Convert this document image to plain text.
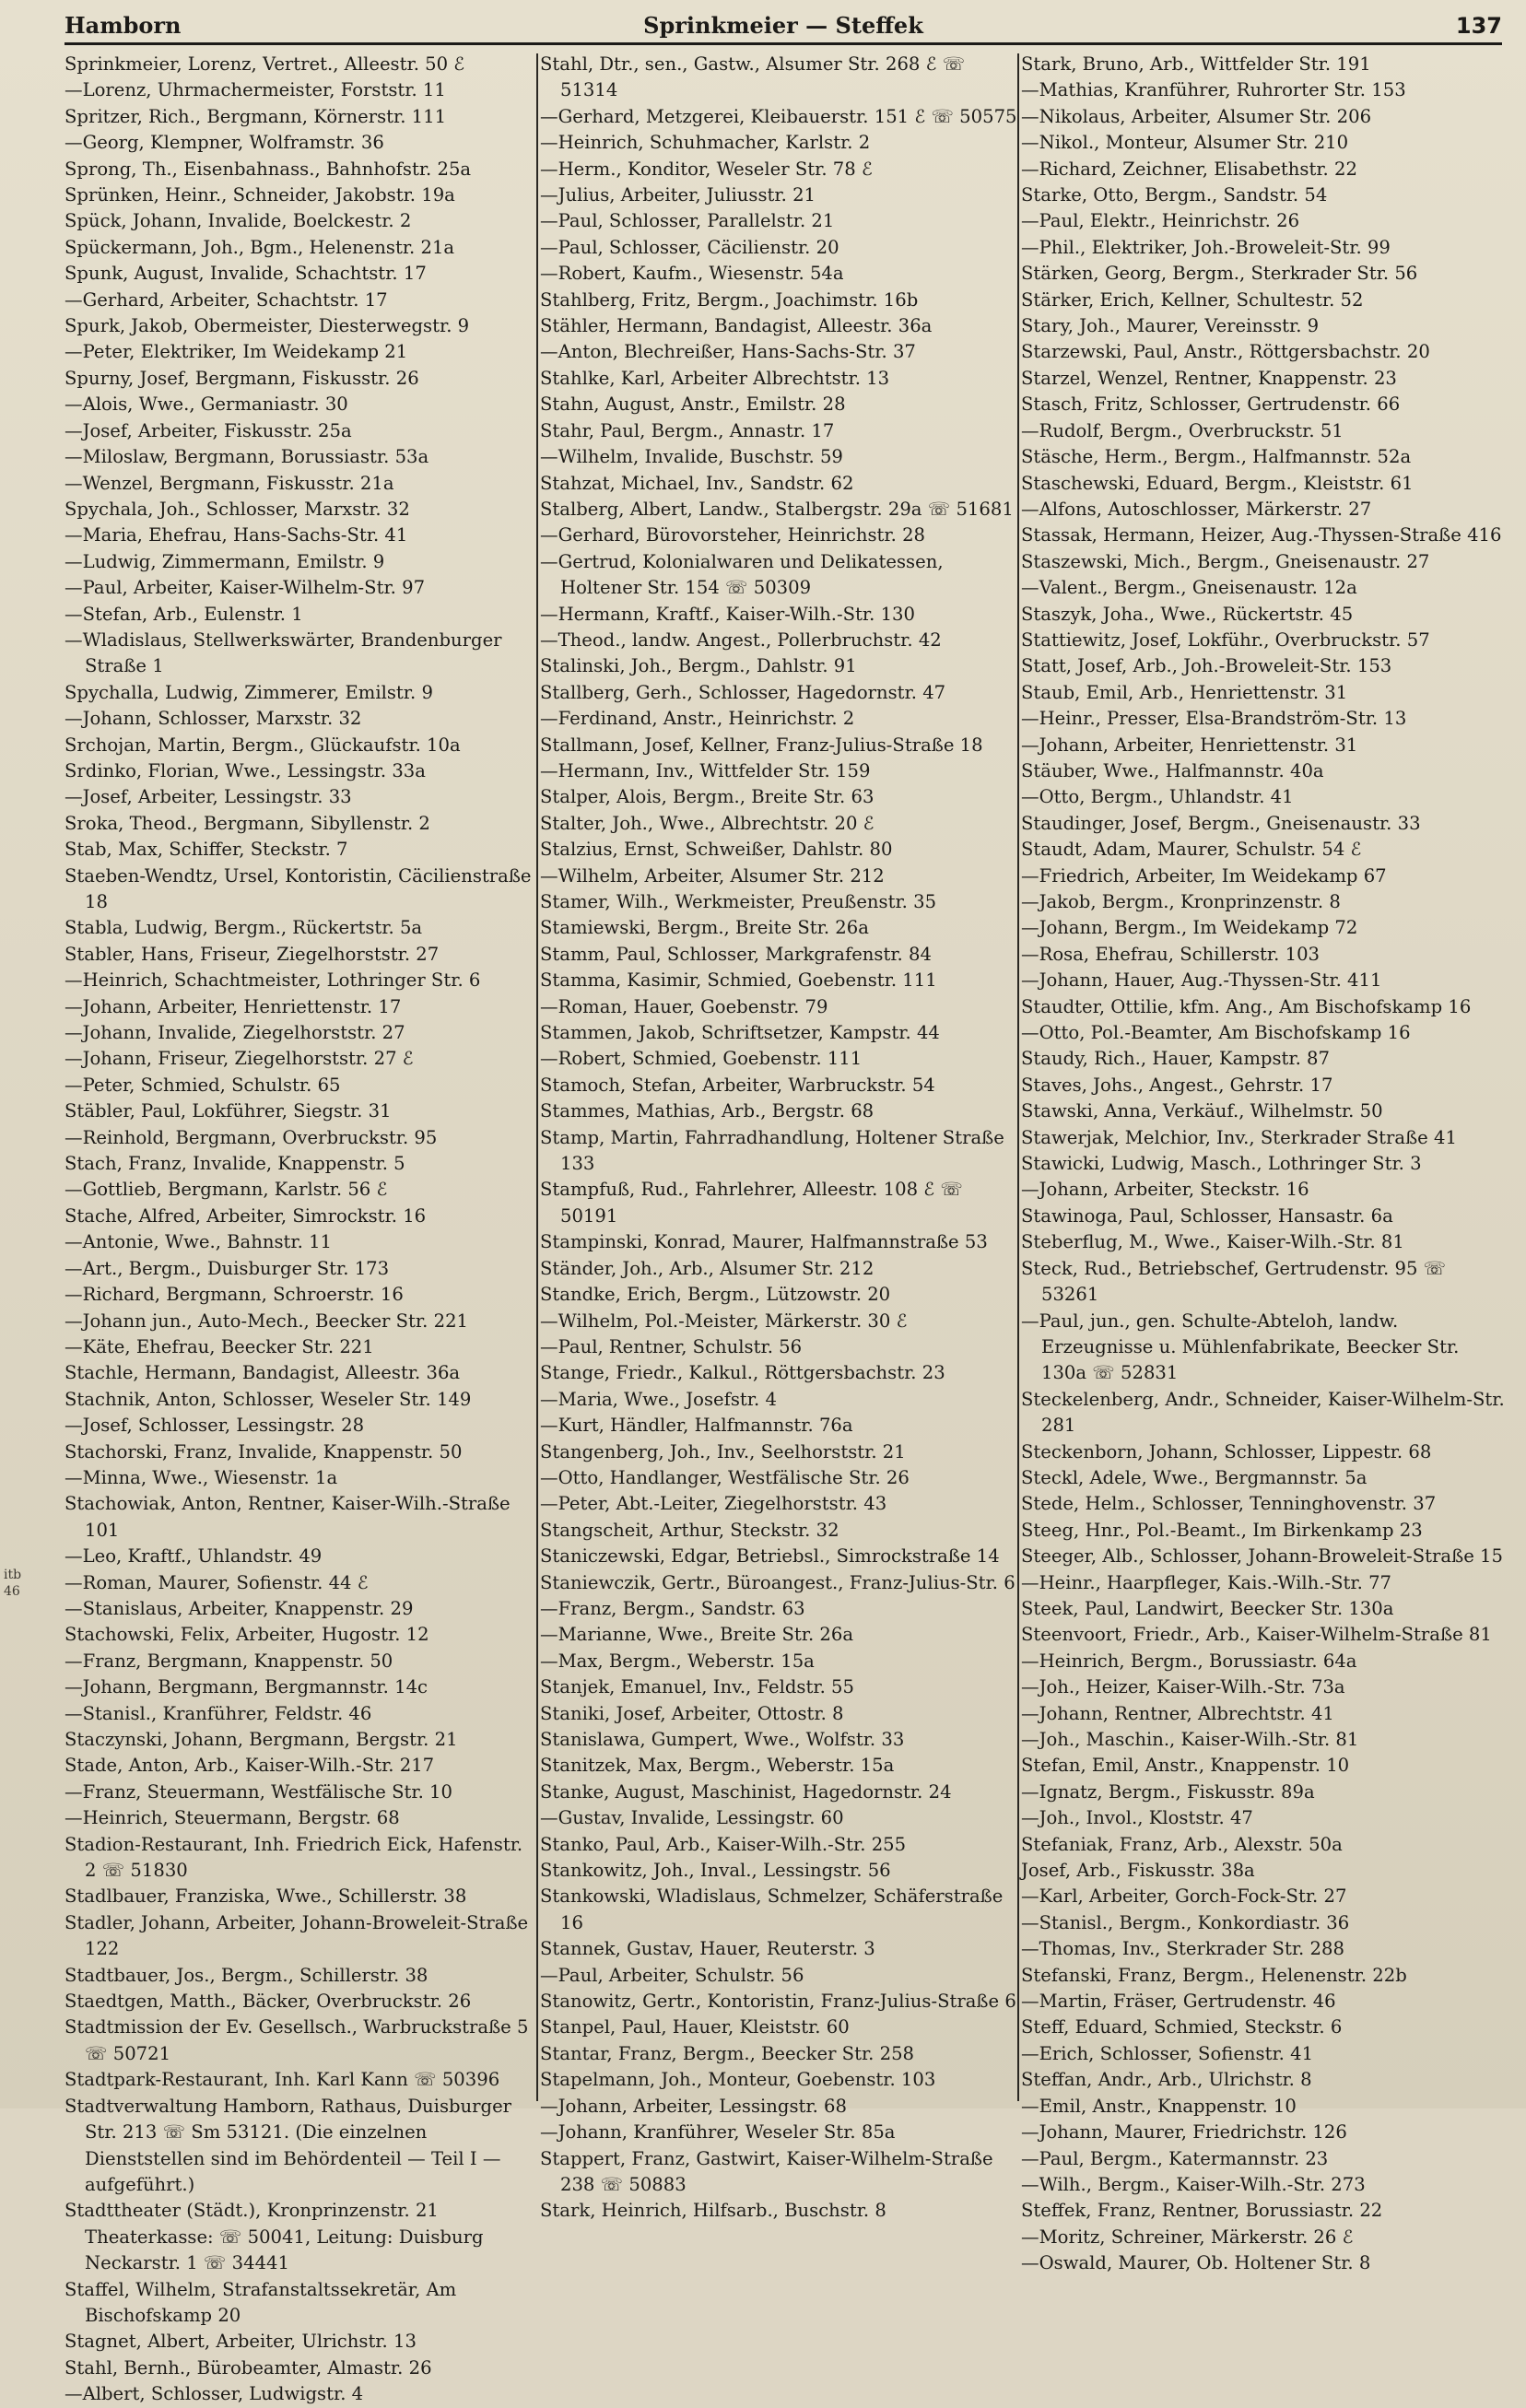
Hamborn	Sprinkmeier — Steffek	137

Sprinkmeier, Lorenz, Vertret., Alleestr. 50 ℰ

—Lorenz, Uhrmachermeister, Forststr. 11

Spritzer, Rich., Bergmann, Körnerstr. 111

—Georg, Klempner, Wolframstr. 36

Sprong, Th., Eisenbahnass., Bahnhofstr. 25a

Sprünken, Heinr., Schneider, Jakobstr. 19a

Spück, Johann, Invalide, Boelckestr. 2

Spückermann, Joh., Bgm., Helenenstr. 21a

Spunk, August, Invalide, Schachtstr. 17

—Gerhard, Arbeiter, Schachtstr. 17

Spurk, Jakob, Obermeister, Diesterwegstr. 9

—Peter, Elektriker, Im Weidekamp 21

Spurny, Josef, Bergmann, Fiskusstr. 26

—Alois, Wwe., Germaniastr. 30

—Josef, Arbeiter, Fiskusstr. 25a

—Miloslaw, Bergmann, Borussiastr. 53a

—Wenzel, Bergmann, Fiskusstr. 21a

Spychala, Joh., Schlosser, Marxstr. 32

—Maria, Ehefrau, Hans-Sachs-Str. 41

—Ludwig, Zimmermann, Emilstr. 9

—Paul, Arbeiter, Kaiser-Wilhelm-Str. 97

—Stefan, Arb., Eulenstr. 1

—Wladislaus, Stellwerkswärter, Brandenburger Straße 1

Spychalla, Ludwig, Zimmerer, Emilstr. 9

—Johann, Schlosser, Marxstr. 32

Srchojan, Martin, Bergm., Glückaufstr. 10a

Srdinko, Florian, Wwe., Lessingstr. 33a

—Josef, Arbeiter, Lessingstr. 33

Sroka, Theod., Bergmann, Sibyllenstr. 2

Stab, Max, Schiffer, Steckstr. 7

Staeben-Wendtz, Ursel, Kontoristin, Cäcilienstraße 18

Stabla, Ludwig, Bergm., Rückertstr. 5a

Stabler, Hans, Friseur, Ziegelhorststr. 27

—Heinrich, Schachtmeister, Lothringer Str. 6

—Johann, Arbeiter, Henriettenstr. 17

—Johann, Invalide, Ziegelhorststr. 27

—Johann, Friseur, Ziegelhorststr. 27 ℰ

—Peter, Schmied, Schulstr. 65

Stäbler, Paul, Lokführer, Siegstr. 31

—Reinhold, Bergmann, Overbruckstr. 95

Stach, Franz, Invalide, Knappenstr. 5

—Gottlieb, Bergmann, Karlstr. 56 ℰ

Stache, Alfred, Arbeiter, Simrockstr. 16

—Antonie, Wwe., Bahnstr. 11

—Art., Bergm., Duisburger Str. 173

—Richard, Bergmann, Schroerstr. 16

—Johann jun., Auto-Mech., Beecker Str. 221

—Käte, Ehefrau, Beecker Str. 221

Stachle, Hermann, Bandagist, Alleestr. 36a

Stachnik, Anton, Schlosser, Weseler Str. 149

—Josef, Schlosser, Lessingstr. 28

Stachorski, Franz, Invalide, Knappenstr. 50

—Minna, Wwe., Wiesenstr. 1a

Stachowiak, Anton, Rentner, Kaiser-Wilh.-Straße 101

—Leo, Kraftf., Uhlandstr. 49

—Roman, Maurer, Sofienstr. 44 ℰ

—Stanislaus, Arbeiter, Knappenstr. 29

Stachowski, Felix, Arbeiter, Hugostr. 12

—Franz, Bergmann, Knappenstr. 50

—Johann, Bergmann, Bergmannstr. 14c

—Stanisl., Kranführer, Feldstr. 46

Staczynski, Johann, Bergmann, Bergstr. 21

Stade, Anton, Arb., Kaiser-Wilh.-Str. 217

—Franz, Steuermann, Westfälische Str. 10

—Heinrich, Steuermann, Bergstr. 68

Stadion-Restaurant, Inh. Friedrich Eick, Hafenstr. 2 ☏ 51830

Stadlbauer, Franziska, Wwe., Schillerstr. 38

Stadler, Johann, Arbeiter, Johann-Broweleit-Straße 122

Stadtbauer, Jos., Bergm., Schillerstr. 38

Staedtgen, Matth., Bäcker, Overbruckstr. 26

Stadtmission der Ev. Gesellsch., Warbruckstraße 5 ☏ 50721

Stadtpark-Restaurant, Inh. Karl Kann ☏ 50396

Stadtverwaltung Hamborn, Rathaus, Duisburger Str. 213 ☏ Sm 53121. (Die einzelnen Dienststellen sind im Behördenteil — Teil I — aufgeführt.)

Stadttheater (Städt.), Kronprinzenstr. 21 Theaterkasse: ☏ 50041, Leitung: Duisburg Neckarstr. 1 ☏ 34441

Staffel, Wilhelm, Strafanstaltssekretär, Am Bischofskamp 20

Stagnet, Albert, Arbeiter, Ulrichstr. 13

Stahl, Bernh., Bürobeamter, Almastr. 26

—Albert, Schlosser, Ludwigstr. 4

Stahl, Dtr., sen., Gastw., Alsumer Str. 268 ℰ ☏ 51314

—Gerhard, Metzgerei, Kleibauerstr. 151 ℰ ☏ 50575

—Heinrich, Schuhmacher, Karlstr. 2

—Herm., Konditor, Weseler Str. 78 ℰ

—Julius, Arbeiter, Juliusstr. 21

—Paul, Schlosser, Parallelstr. 21

—Paul, Schlosser, Cäcilienstr. 20

—Robert, Kaufm., Wiesenstr. 54a

Stahlberg, Fritz, Bergm., Joachimstr. 16b

Stähler, Hermann, Bandagist, Alleestr. 36a

—Anton, Blechreißer, Hans-Sachs-Str. 37

Stahlke, Karl, Arbeiter Albrechtstr. 13

Stahn, August, Anstr., Emilstr. 28

Stahr, Paul, Bergm., Annastr. 17

—Wilhelm, Invalide, Buschstr. 59

Stahzat, Michael, Inv., Sandstr. 62

Stalberg, Albert, Landw., Stalbergstr. 29a ☏ 51681

—Gerhard, Bürovorsteher, Heinrichstr. 28

—Gertrud, Kolonialwaren und Delikatessen, Holtener Str. 154 ☏ 50309

—Hermann, Kraftf., Kaiser-Wilh.-Str. 130

—Theod., landw. Angest., Pollerbruchstr. 42

Stalinski, Joh., Bergm., Dahlstr. 91

Stallberg, Gerh., Schlosser, Hagedornstr. 47

—Ferdinand, Anstr., Heinrichstr. 2

Stallmann, Josef, Kellner, Franz-Julius-Straße 18

—Hermann, Inv., Wittfelder Str. 159

Stalper, Alois, Bergm., Breite Str. 63

Stalter, Joh., Wwe., Albrechtstr. 20 ℰ

Stalzius, Ernst, Schweißer, Dahlstr. 80

—Wilhelm, Arbeiter, Alsumer Str. 212

Stamer, Wilh., Werkmeister, Preußenstr. 35

Stamiewski, Bergm., Breite Str. 26a

Stamm, Paul, Schlosser, Markgrafenstr. 84

Stamma, Kasimir, Schmied, Goebenstr. 111

—Roman, Hauer, Goebenstr. 79

Stammen, Jakob, Schriftsetzer, Kampstr. 44

—Robert, Schmied, Goebenstr. 111

Stamoch, Stefan, Arbeiter, Warbruckstr. 54

Stammes, Mathias, Arb., Bergstr. 68

Stamp, Martin, Fahrradhandlung, Holtener Straße 133

Stampfuß, Rud., Fahrlehrer, Alleestr. 108 ℰ ☏ 50191

Stampinski, Konrad, Maurer, Halfmannstraße 53

Ständer, Joh., Arb., Alsumer Str. 212

Standke, Erich, Bergm., Lützowstr. 20

—Wilhelm, Pol.-Meister, Märkerstr. 30 ℰ

—Paul, Rentner, Schulstr. 56

Stange, Friedr., Kalkul., Röttgersbachstr. 23

—Maria, Wwe., Josefstr. 4

—Kurt, Händler, Halfmannstr. 76a

Stangenberg, Joh., Inv., Seelhorststr. 21

—Otto, Handlanger, Westfälische Str. 26

—Peter, Abt.-Leiter, Ziegelhorststr. 43

Stangscheit, Arthur, Steckstr. 32

Staniczewski, Edgar, Betriebsl., Simrockstraße 14

Staniewczik, Gertr., Büroangest., Franz-Julius-Str. 6

—Franz, Bergm., Sandstr. 63

—Marianne, Wwe., Breite Str. 26a

—Max, Bergm., Weberstr. 15a

Stanjek, Emanuel, Inv., Feldstr. 55

Staniki, Josef, Arbeiter, Ottostr. 8

Stanislawa, Gumpert, Wwe., Wolfstr. 33

Stanitzek, Max, Bergm., Weberstr. 15a

Stanke, August, Maschinist, Hagedornstr. 24

—Gustav, Invalide, Lessingstr. 60

Stanko, Paul, Arb., Kaiser-Wilh.-Str. 255

Stankowitz, Joh., Inval., Lessingstr. 56

Stankowski, Wladislaus, Schmelzer, Schäferstraße 16

Stannek, Gustav, Hauer, Reuterstr. 3

—Paul, Arbeiter, Schulstr. 56

Stanowitz, Gertr., Kontoristin, Franz-Julius-Straße 6

Stanpel, Paul, Hauer, Kleiststr. 60

Stantar, Franz, Bergm., Beecker Str. 258

Stapelmann, Joh., Monteur, Goebenstr. 103

—Johann, Arbeiter, Lessingstr. 68

—Johann, Kranführer, Weseler Str. 85a

Stappert, Franz, Gastwirt, Kaiser-Wilhelm-Straße 238 ☏ 50883

Stark, Heinrich, Hilfsarb., Buschstr. 8

Stark, Bruno, Arb., Wittfelder Str. 191

—Mathias, Kranführer, Ruhrorter Str. 153

—Nikolaus, Arbeiter, Alsumer Str. 206

—Nikol., Monteur, Alsumer Str. 210

—Richard, Zeichner, Elisabethstr. 22

Starke, Otto, Bergm., Sandstr. 54

—Paul, Elektr., Heinrichstr. 26

—Phil., Elektriker, Joh.-Broweleit-Str. 99

Stärken, Georg, Bergm., Sterkrader Str. 56

Stärker, Erich, Kellner, Schultestr. 52

Stary, Joh., Maurer, Vereinsstr. 9

Starzewski, Paul, Anstr., Röttgersbachstr. 20

Starzel, Wenzel, Rentner, Knappenstr. 23

Stasch, Fritz, Schlosser, Gertrudenstr. 66

—Rudolf, Bergm., Overbruckstr. 51

Stäsche, Herm., Bergm., Halfmannstr. 52a

Staschewski, Eduard, Bergm., Kleiststr. 61

—Alfons, Autoschlosser, Märkerstr. 27

Stassak, Hermann, Heizer, Aug.-Thyssen-Straße 416

Staszewski, Mich., Bergm., Gneisenaustr. 27

—Valent., Bergm., Gneisenaustr. 12a

Staszyk, Joha., Wwe., Rückertstr. 45

Stattiewitz, Josef, Lokführ., Overbruckstr. 57

Statt, Josef, Arb., Joh.-Broweleit-Str. 153

Staub, Emil, Arb., Henriettenstr. 31

—Heinr., Presser, Elsa-Brandström-Str. 13

—Johann, Arbeiter, Henriettenstr. 31

Stäuber, Wwe., Halfmannstr. 40a

—Otto, Bergm., Uhlandstr. 41

Staudinger, Josef, Bergm., Gneisenaustr. 33

Staudt, Adam, Maurer, Schulstr. 54 ℰ

—Friedrich, Arbeiter, Im Weidekamp 67

—Jakob, Bergm., Kronprinzenstr. 8

—Johann, Bergm., Im Weidekamp 72

—Rosa, Ehefrau, Schillerstr. 103

—Johann, Hauer, Aug.-Thyssen-Str. 411

Staudter, Ottilie, kfm. Ang., Am Bischofskamp 16

—Otto, Pol.-Beamter, Am Bischofskamp 16

Staudy, Rich., Hauer, Kampstr. 87

Staves, Johs., Angest., Gehrstr. 17

Stawski, Anna, Verkäuf., Wilhelmstr. 50

Stawerjak, Melchior, Inv., Sterkrader Straße 41

Stawicki, Ludwig, Masch., Lothringer Str. 3

—Johann, Arbeiter, Steckstr. 16

Stawinoga, Paul, Schlosser, Hansastr. 6a

Steberflug, M., Wwe., Kaiser-Wilh.-Str. 81

Steck, Rud., Betriebschef, Gertrudenstr. 95 ☏ 53261

—Paul, jun., gen. Schulte-Abteloh, landw. Erzeugnisse u. Mühlenfabrikate, Beecker Str. 130a ☏ 52831

Steckelenberg, Andr., Schneider, Kaiser-Wilhelm-Str. 281

Steckenborn, Johann, Schlosser, Lippestr. 68

Steckl, Adele, Wwe., Bergmannstr. 5a

Stede, Helm., Schlosser, Tenninghovenstr. 37

Steeg, Hnr., Pol.-Beamt., Im Birkenkamp 23

Steeger, Alb., Schlosser, Johann-Broweleit-Straße 15

—Heinr., Haarpfleger, Kais.-Wilh.-Str. 77

Steek, Paul, Landwirt, Beecker Str. 130a

Steenvoort, Friedr., Arb., Kaiser-Wilhelm-Straße 81

—Heinrich, Bergm., Borussiastr. 64a

—Joh., Heizer, Kaiser-Wilh.-Str. 73a

—Johann, Rentner, Albrechtstr. 41

—Joh., Maschin., Kaiser-Wilh.-Str. 81

Stefan, Emil, Anstr., Knappenstr. 10

—Ignatz, Bergm., Fiskusstr. 89a

—Joh., Invol., Kloststr. 47

Stefaniak, Franz, Arb., Alexstr. 50a

Josef, Arb., Fiskusstr. 38a

—Karl, Arbeiter, Gorch-Fock-Str. 27

—Stanisl., Bergm., Konkordiastr. 36

—Thomas, Inv., Sterkrader Str. 288

Stefanski, Franz, Bergm., Helenenstr. 22b

—Martin, Fräser, Gertrudenstr. 46

Steff, Eduard, Schmied, Steckstr. 6

—Erich, Schlosser, Sofienstr. 41

Steffan, Andr., Arb., Ulrichstr. 8

—Emil, Anstr., Knappenstr. 10

—Johann, Maurer, Friedrichstr. 126

—Paul, Bergm., Katermannstr. 23

—Wilh., Bergm., Kaiser-Wilh.-Str. 273

Steffek, Franz, Rentner, Borussiastr. 22

—Moritz, Schreiner, Märkerstr. 26 ℰ

—Oswald, Maurer, Ob. Holtener Str. 8

itb
46
